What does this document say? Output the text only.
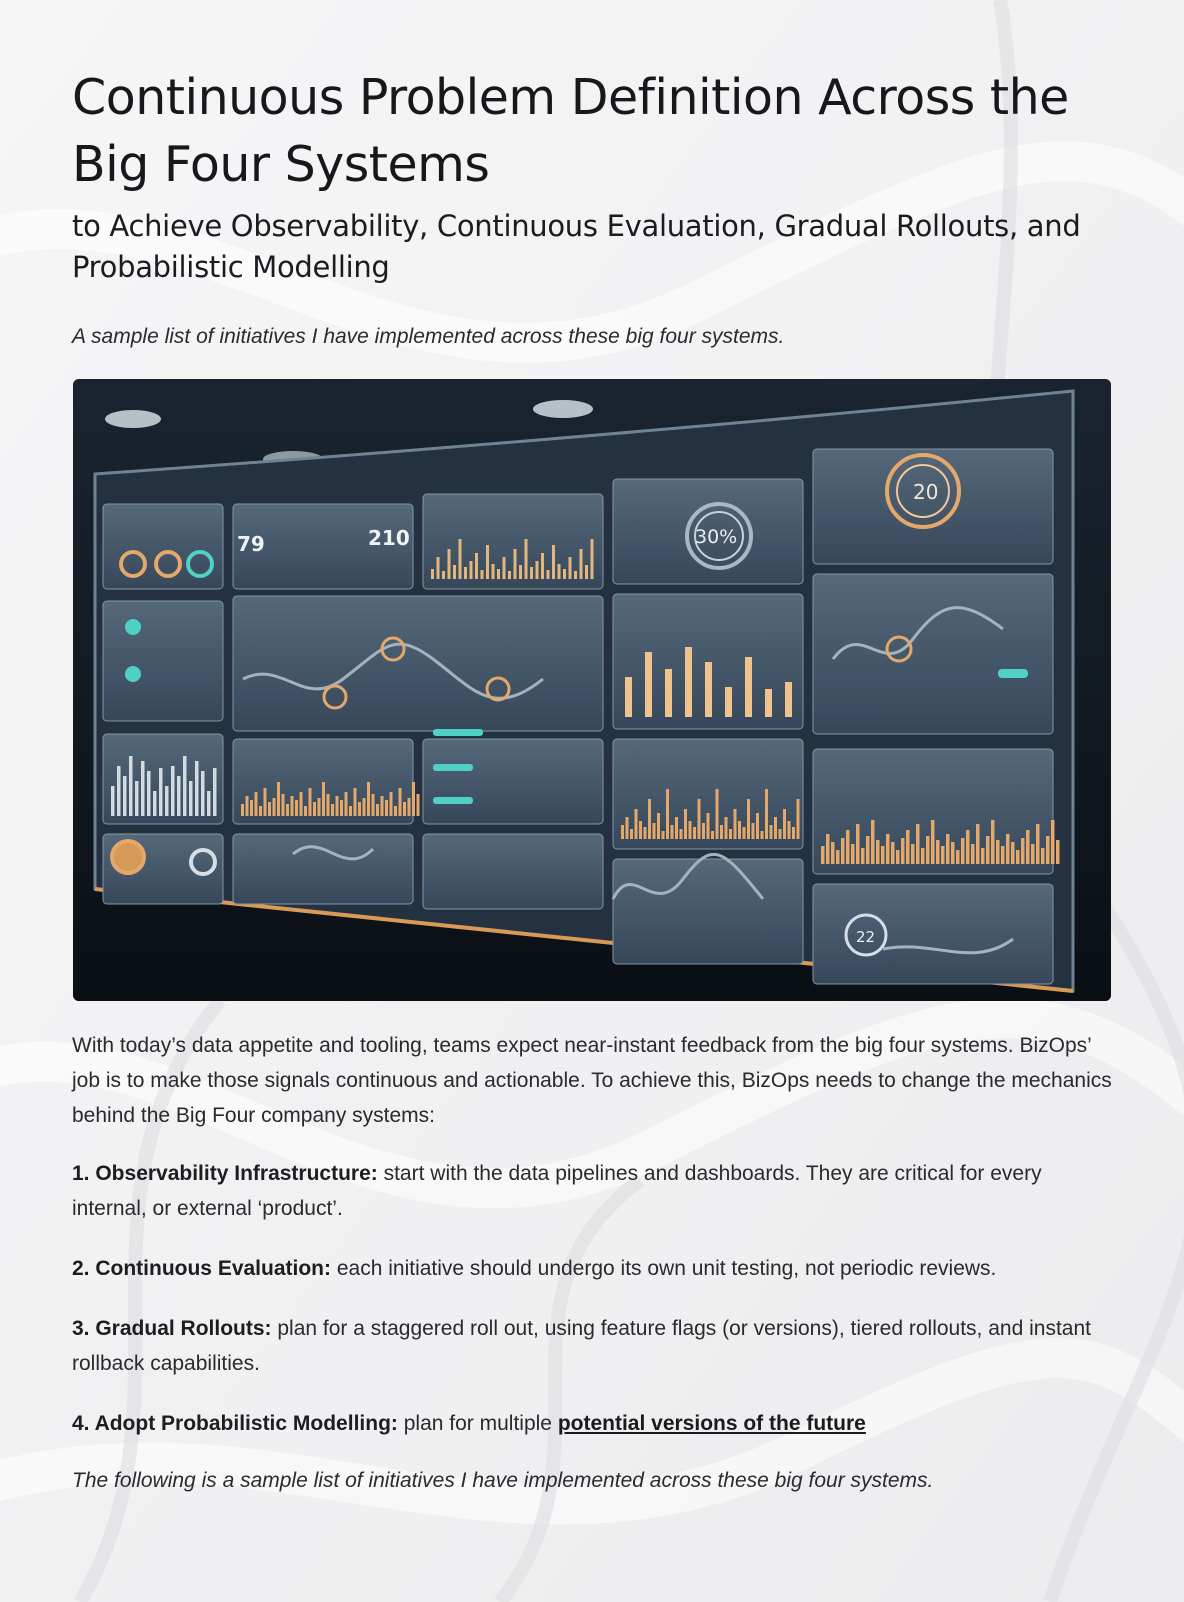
Continuous Problem Definition Across the Big Four Systems
to Achieve Observability, Continuous Evaluation, Gradual Rollouts, and Probabilistic Modelling

A sample list of initiatives I have implemented across these big four systems.

30%
20
22
79	210

With today’s data appetite and tooling, teams expect near-instant feedback from the big four systems. BizOps’ job is to make those signals continuous and actionable. To achieve this, BizOps needs to change the mechanics behind the Big Four company systems:

1. Observability Infrastructure: start with the data pipelines and dashboards. They are critical for every internal, or external ‘product’.

2. Continuous Evaluation: each initiative should undergo its own unit testing, not periodic reviews.

3. Gradual Rollouts: plan for a staggered roll out, using feature flags (or versions), tiered rollouts, and instant rollback capabilities.

4. Adopt Probabilistic Modelling: plan for multiple potential versions of the future

The following is a sample list of initiatives I have implemented across these big four systems.
